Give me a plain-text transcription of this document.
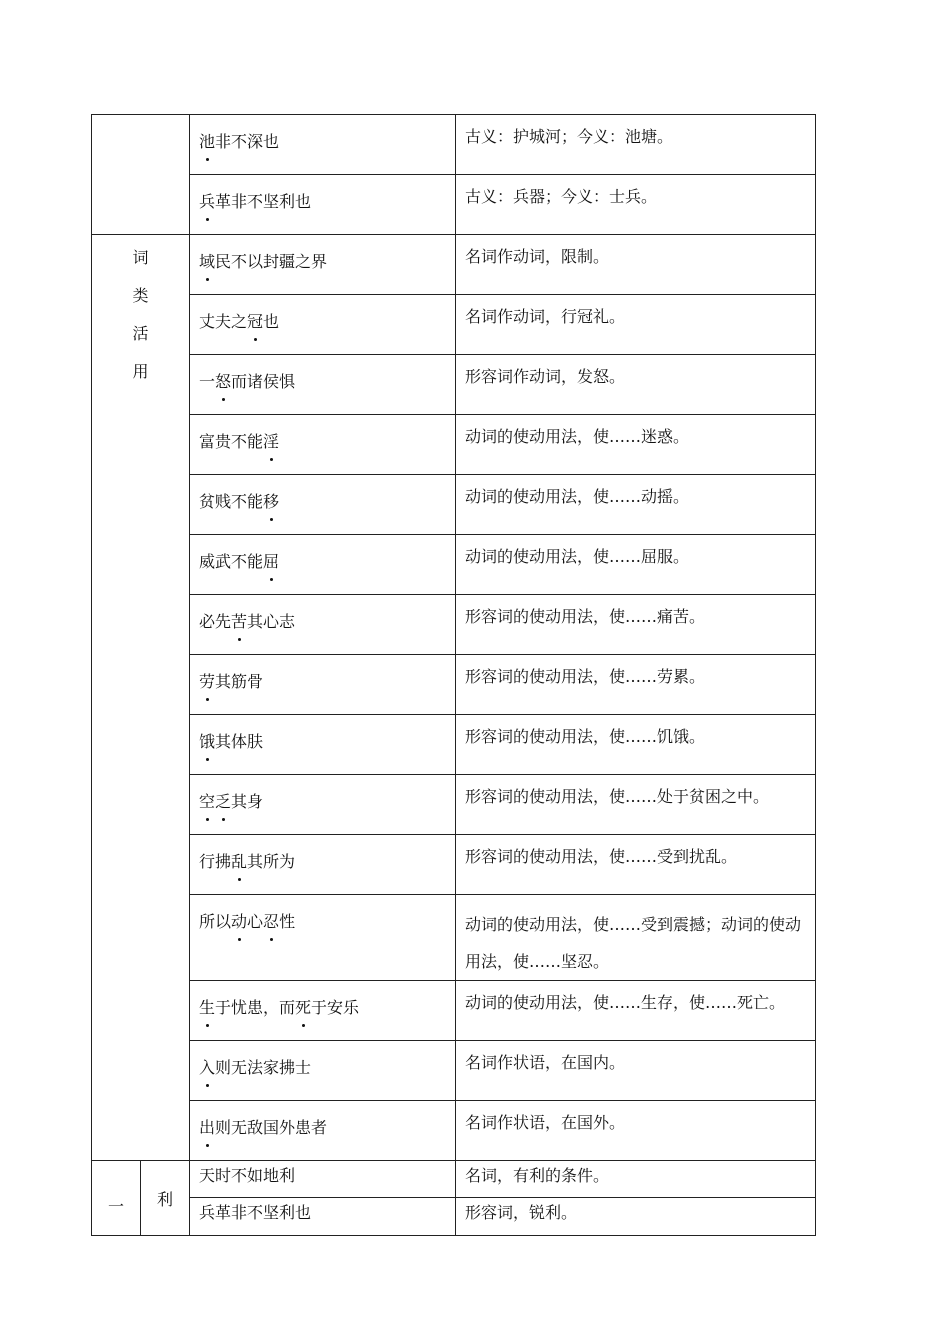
		池非不深也	古义：护城河；今义：池塘。
		兵革非不坚利也	古义：兵器；今义：士兵。

词
类
活
用		域民不以封疆之界	名词作动词，限制。
		丈夫之冠也	名词作动词，行冠礼。
		一怒而诸侯惧	形容词作动词，发怒。
		富贵不能淫	动词的使动用法，使……迷惑。
		贫贱不能移	动词的使动用法，使……动摇。
		威武不能屈	动词的使动用法，使……屈服。
		必先苦其心志	形容词的使动用法，使……痛苦。
		劳其筋骨	形容词的使动用法，使……劳累。
		饿其体肤	形容词的使动用法，使……饥饿。
		空乏其身	形容词的使动用法，使……处于贫困之中。
		行拂乱其所为	形容词的使动用法，使……受到扰乱。
		所以动心忍性	动词的使动用法，使……受到震撼；动词的使动用法，使……坚忍。
		生于忧患，而死于安乐	动词的使动用法，使……生存，使……死亡。
		入则无法家拂士	名词作状语，在国内。
		出则无敌国外患者	名词作状语，在国外。
一	利	天时不如地利	名词，有利的条件。
		兵革非不坚利也	形容词，锐利。
